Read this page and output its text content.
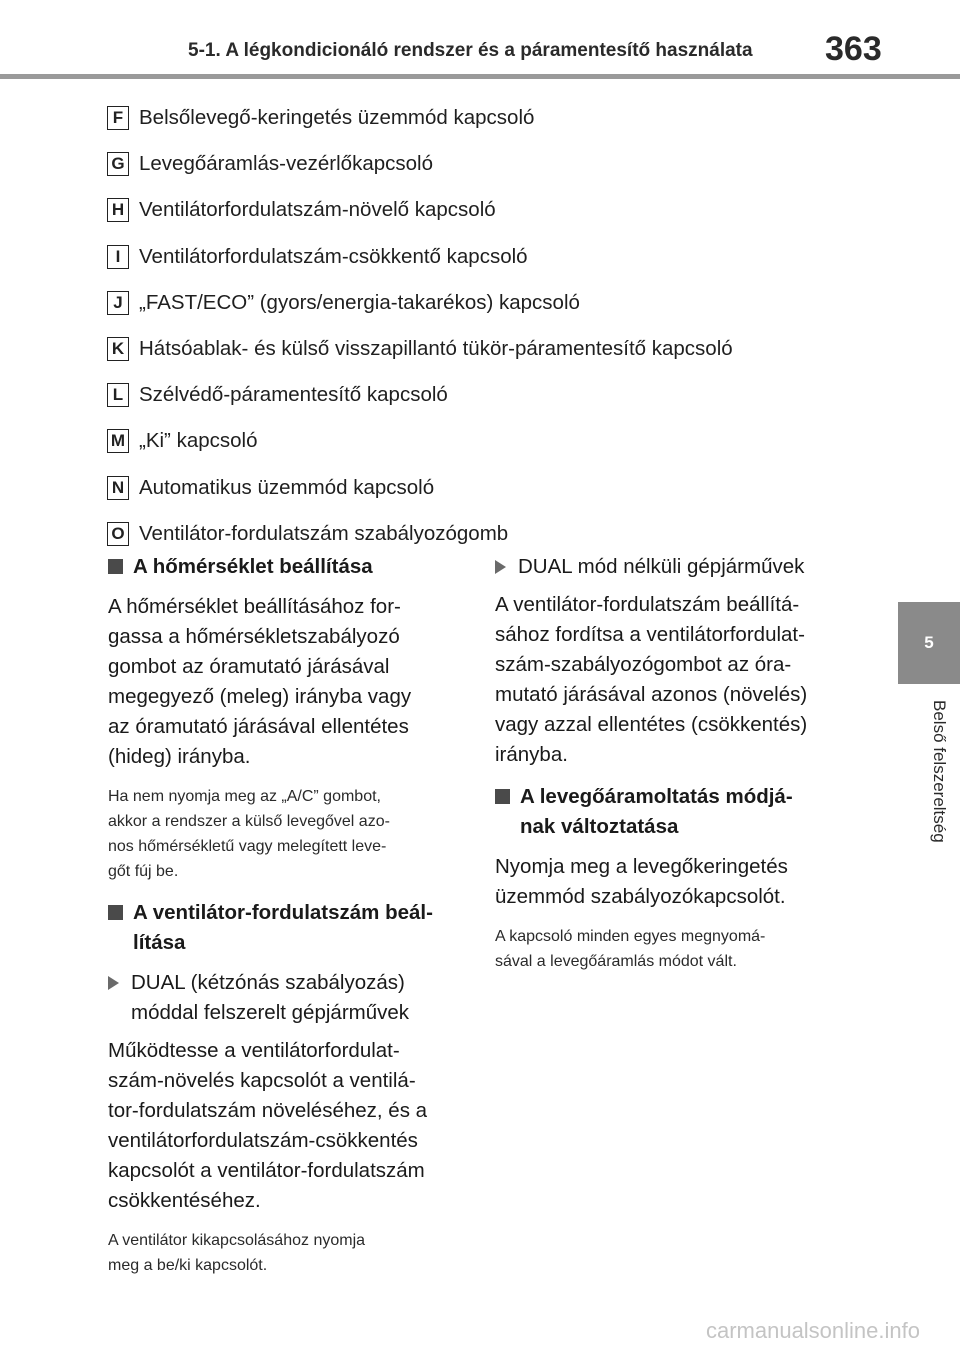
5-1. A légkondicionáló rendszer és a páramentesítő használata 363
5
Belső felszereltség
F Belsőlevegő-keringetés üzemmód kapcsoló
G Levegőáramlás-vezérlőkapcsoló
H Ventilátorfordulatszám-növelő kapcsoló
I Ventilátorfordulatszám-csökkentő kapcsoló
J „FAST/ECO” (gyors/energia-takarékos) kapcsoló
K Hátsóablak- és külső visszapillantó tükör-páramentesítő kapcsoló
L Szélvédő-páramentesítő kapcsoló
M „Ki” kapcsoló
N Automatikus üzemmód kapcsoló
O Ventilátor-fordulatszám szabályozógomb
A hőmérséklet beállítása

A hőmérséklet beállításához for-
gassa a hőmérsékletszabályozó
gombot az óramutató járásával
megegyező (meleg) irányba vagy
az óramutató járásával ellentétes
(hideg) irányba.

Ha nem nyomja meg az „A/C” gombot,
akkor a rendszer a külső levegővel azo-
nos hőmérsékletű vagy melegített leve-
gőt fúj be.

A ventilátor-fordulatszám beál-
lítása
DUAL (kétzónás szabályozás)
móddal felszerelt gépjárművek

Működtesse a ventilátorfordulat-
szám-növelés kapcsolót a ventilá-
tor-fordulatszám növeléséhez, és a
ventilátorfordulatszám-csökkentés
kapcsolót a ventilátor-fordulatszám
csökkentéséhez.

A ventilátor kikapcsolásához nyomja
meg a be/ki kapcsolót.

DUAL mód nélküli gépjárművek

A ventilátor-fordulatszám beállítá-
sához fordítsa a ventilátorfordulat-
szám-szabályozógombot az óra-
mutató járásával azonos (növelés)
vagy azzal ellentétes (csökkentés)
irányba.

A levegőáramoltatás módjá-
nak változtatása

Nyomja meg a levegőkeringetés
üzemmód szabályozókapcsolót.

A kapcsoló minden egyes megnyomá-
sával a levegőáramlás módot vált.

carmanualsonline.info
